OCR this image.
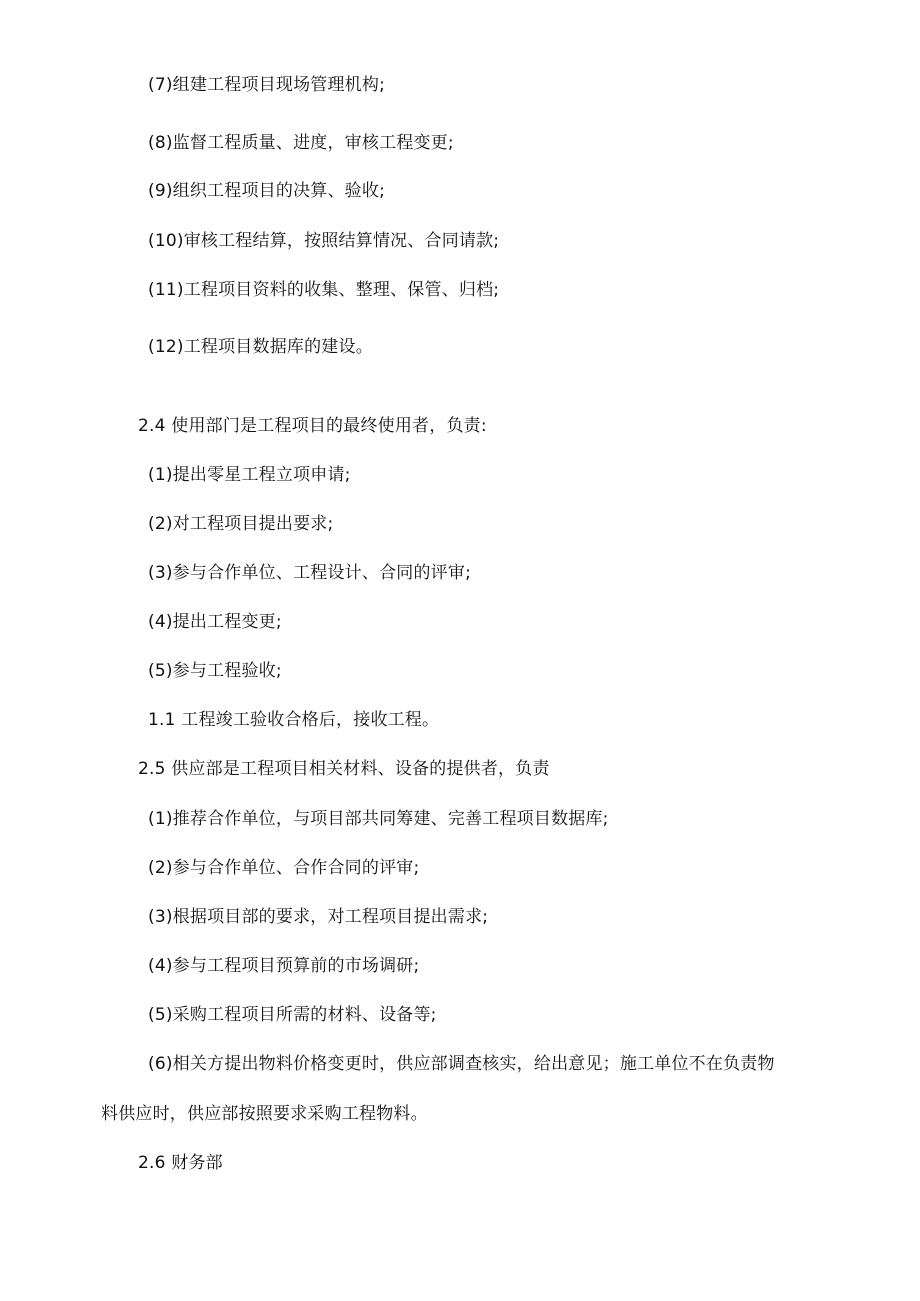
(7)组建工程项目现场管理机构;
(8)监督工程质量、进度，审核工程变更;
(9)组织工程项目的决算、验收;
(10)审核工程结算，按照结算情况、合同请款;
(11)工程项目资料的收集、整理、保管、归档;
(12)工程项目数据库的建设。
2.4 使用部门是工程项目的最终使用者，负责:
(1)提出零星工程立项申请;
(2)对工程项目提出要求;
(3)参与合作单位、工程设计、合同的评审;
(4)提出工程变更;
(5)参与工程验收;
1.1 工程竣工验收合格后，接收工程。
2.5 供应部是工程项目相关材料、设备的提供者，负责
(1)推荐合作单位，与项目部共同筹建、完善工程项目数据库;
(2)参与合作单位、合作合同的评审;
(3)根据项目部的要求，对工程项目提出需求;
(4)参与工程项目预算前的市场调研;
(5)采购工程项目所需的材料、设备等;
(6)相关方提出物料价格变更时，供应部调查核实，给出意见；施工单位不在负责物
料供应时，供应部按照要求采购工程物料。
2.6 财务部
